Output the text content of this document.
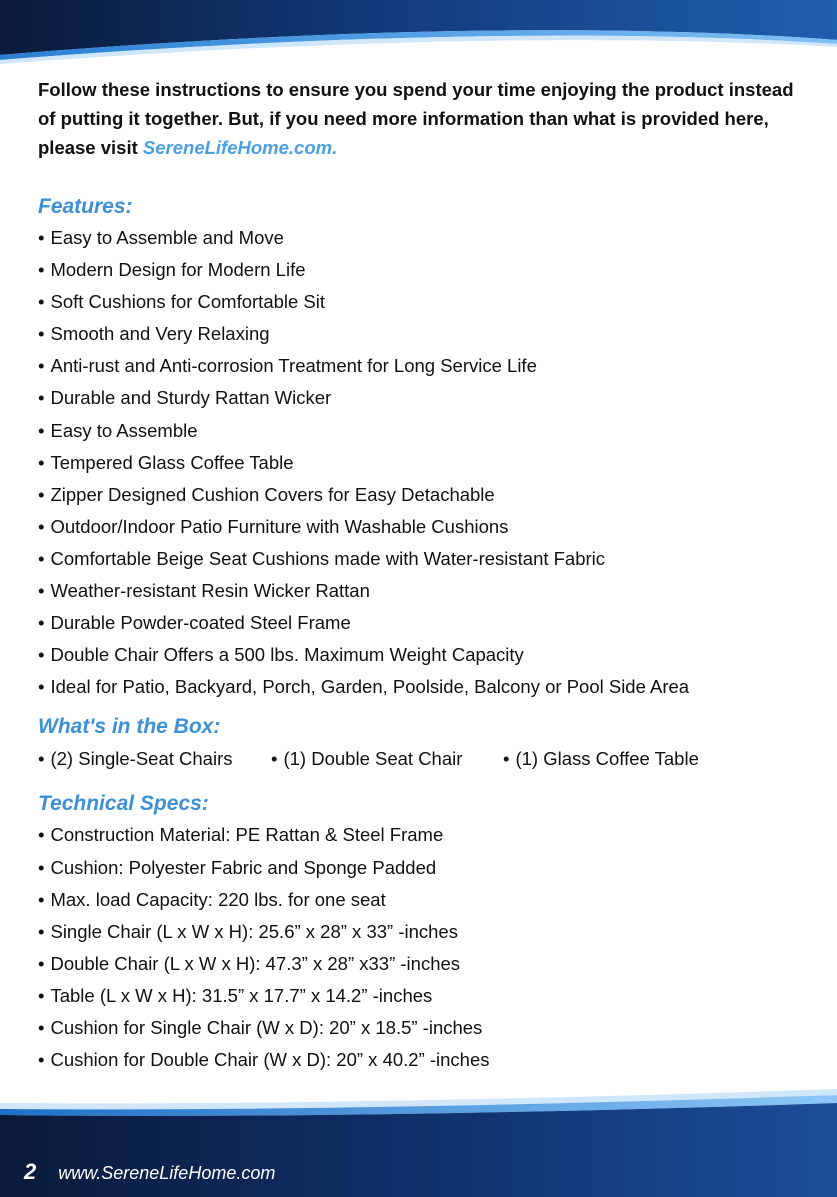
Follow these instructions to ensure you spend your time enjoying the product instead of putting it together. But, if you need more information than what is provided here, please visit SereneLifeHome.com.

Features:
• Easy to Assemble and Move
• Modern Design for Modern Life
• Soft Cushions for Comfortable Sit
• Smooth and Very Relaxing
• Anti-rust and Anti-corrosion Treatment for Long Service Life
• Durable and Sturdy Rattan Wicker
• Easy to Assemble
• Tempered Glass Coffee Table
• Zipper Designed Cushion Covers for Easy Detachable
• Outdoor/Indoor Patio Furniture with Washable Cushions
• Comfortable Beige Seat Cushions made with Water-resistant Fabric
• Weather-resistant Resin Wicker Rattan
• Durable Powder-coated Steel Frame
• Double Chair Offers a 500 lbs. Maximum Weight Capacity
• Ideal for Patio, Backyard, Porch, Garden, Poolside, Balcony or Pool Side Area
What's in the Box:
• (2) Single-Seat Chairs	• (1) Double Seat Chair	• (1) Glass Coffee Table
Technical Specs:
• Construction Material: PE Rattan & Steel Frame
• Cushion: Polyester Fabric and Sponge Padded
• Max. load Capacity: 220 lbs. for one seat
• Single Chair (L x W x H): 25.6” x 28” x 33” -inches
• Double Chair (L x W x H): 47.3” x 28” x33” -inches
• Table (L x W x H): 31.5” x 17.7” x 14.2” -inches
• Cushion for Single Chair (W x D): 20” x 18.5” -inches
• Cushion for Double Chair (W x D): 20” x 40.2” -inches
2 www.SereneLifeHome.com
